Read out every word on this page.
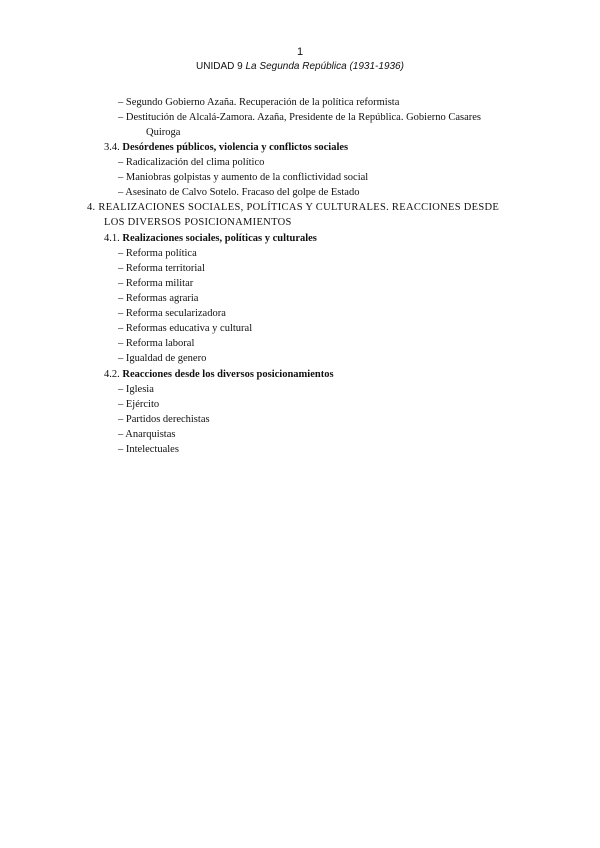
1
UNIDAD 9 La Segunda República (1931-1936)
– Segundo Gobierno Azaña. Recuperación de la política reformista
– Destitución de Alcalá-Zamora. Azaña, Presidente de la República. Gobierno Casares
Quiroga
3.4. Desórdenes públicos, violencia y conflictos sociales
– Radicalización del clima político
– Maniobras golpistas y aumento de la conflictividad social
– Asesinato de Calvo Sotelo. Fracaso del golpe de Estado
4. REALIZACIONES SOCIALES, POLÍTICAS Y CULTURALES. REACCIONES DESDE
LOS DIVERSOS POSICIONAMIENTOS
4.1. Realizaciones sociales, políticas y culturales
– Reforma política
– Reforma territorial
– Reforma militar
– Reformas agraria
– Reforma secularizadora
– Reformas educativa y cultural
– Reforma laboral
– Igualdad de genero
4.2. Reacciones desde los diversos posicionamientos
– Iglesia
– Ejército
– Partidos derechistas
– Anarquistas
– Intelectuales
